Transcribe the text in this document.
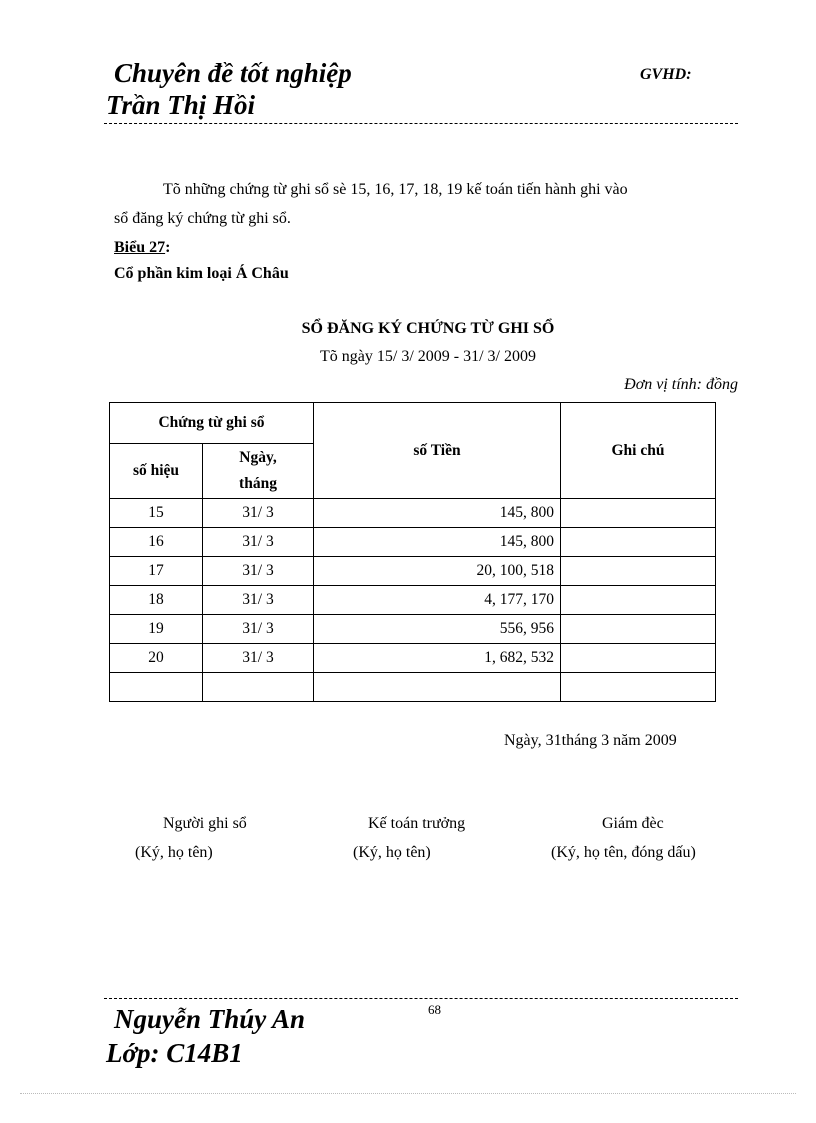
Chuyên đề tốt nghiệp	GVHD:
Trần Thị Hồi
Tõ những chứng từ ghi sổ sè 15, 16, 17, 18, 19 kế toán tiến hành ghi vào
sổ đăng ký chứng từ ghi sổ.
Biểu 27:
Cổ phần kim loại Á Châu
SỔ ĐĂNG KÝ CHỨNG TỪ GHI SỔ
Tõ ngày 15/ 3/ 2009 - 31/ 3/ 2009
Đơn vị tính: đồng
Chứng từ ghi sổ		số Tiền	Ghi chú
số hiệu	Ngày,
tháng		
15	31/ 3	145, 800	
16	31/ 3	145, 800	
17	31/ 3	20, 100, 518	
18	31/ 3	4, 177, 170	
19	31/ 3	556, 956	
20	31/ 3	1, 682, 532	

Ngày, 31tháng 3 năm 2009
Người ghi sổ
(Ký, họ tên)
Kế toán trưởng
(Ký, họ tên)
Giám đèc
(Ký, họ tên, đóng dấu)
68
Nguyễn Thúy An
Lớp: C14B1
